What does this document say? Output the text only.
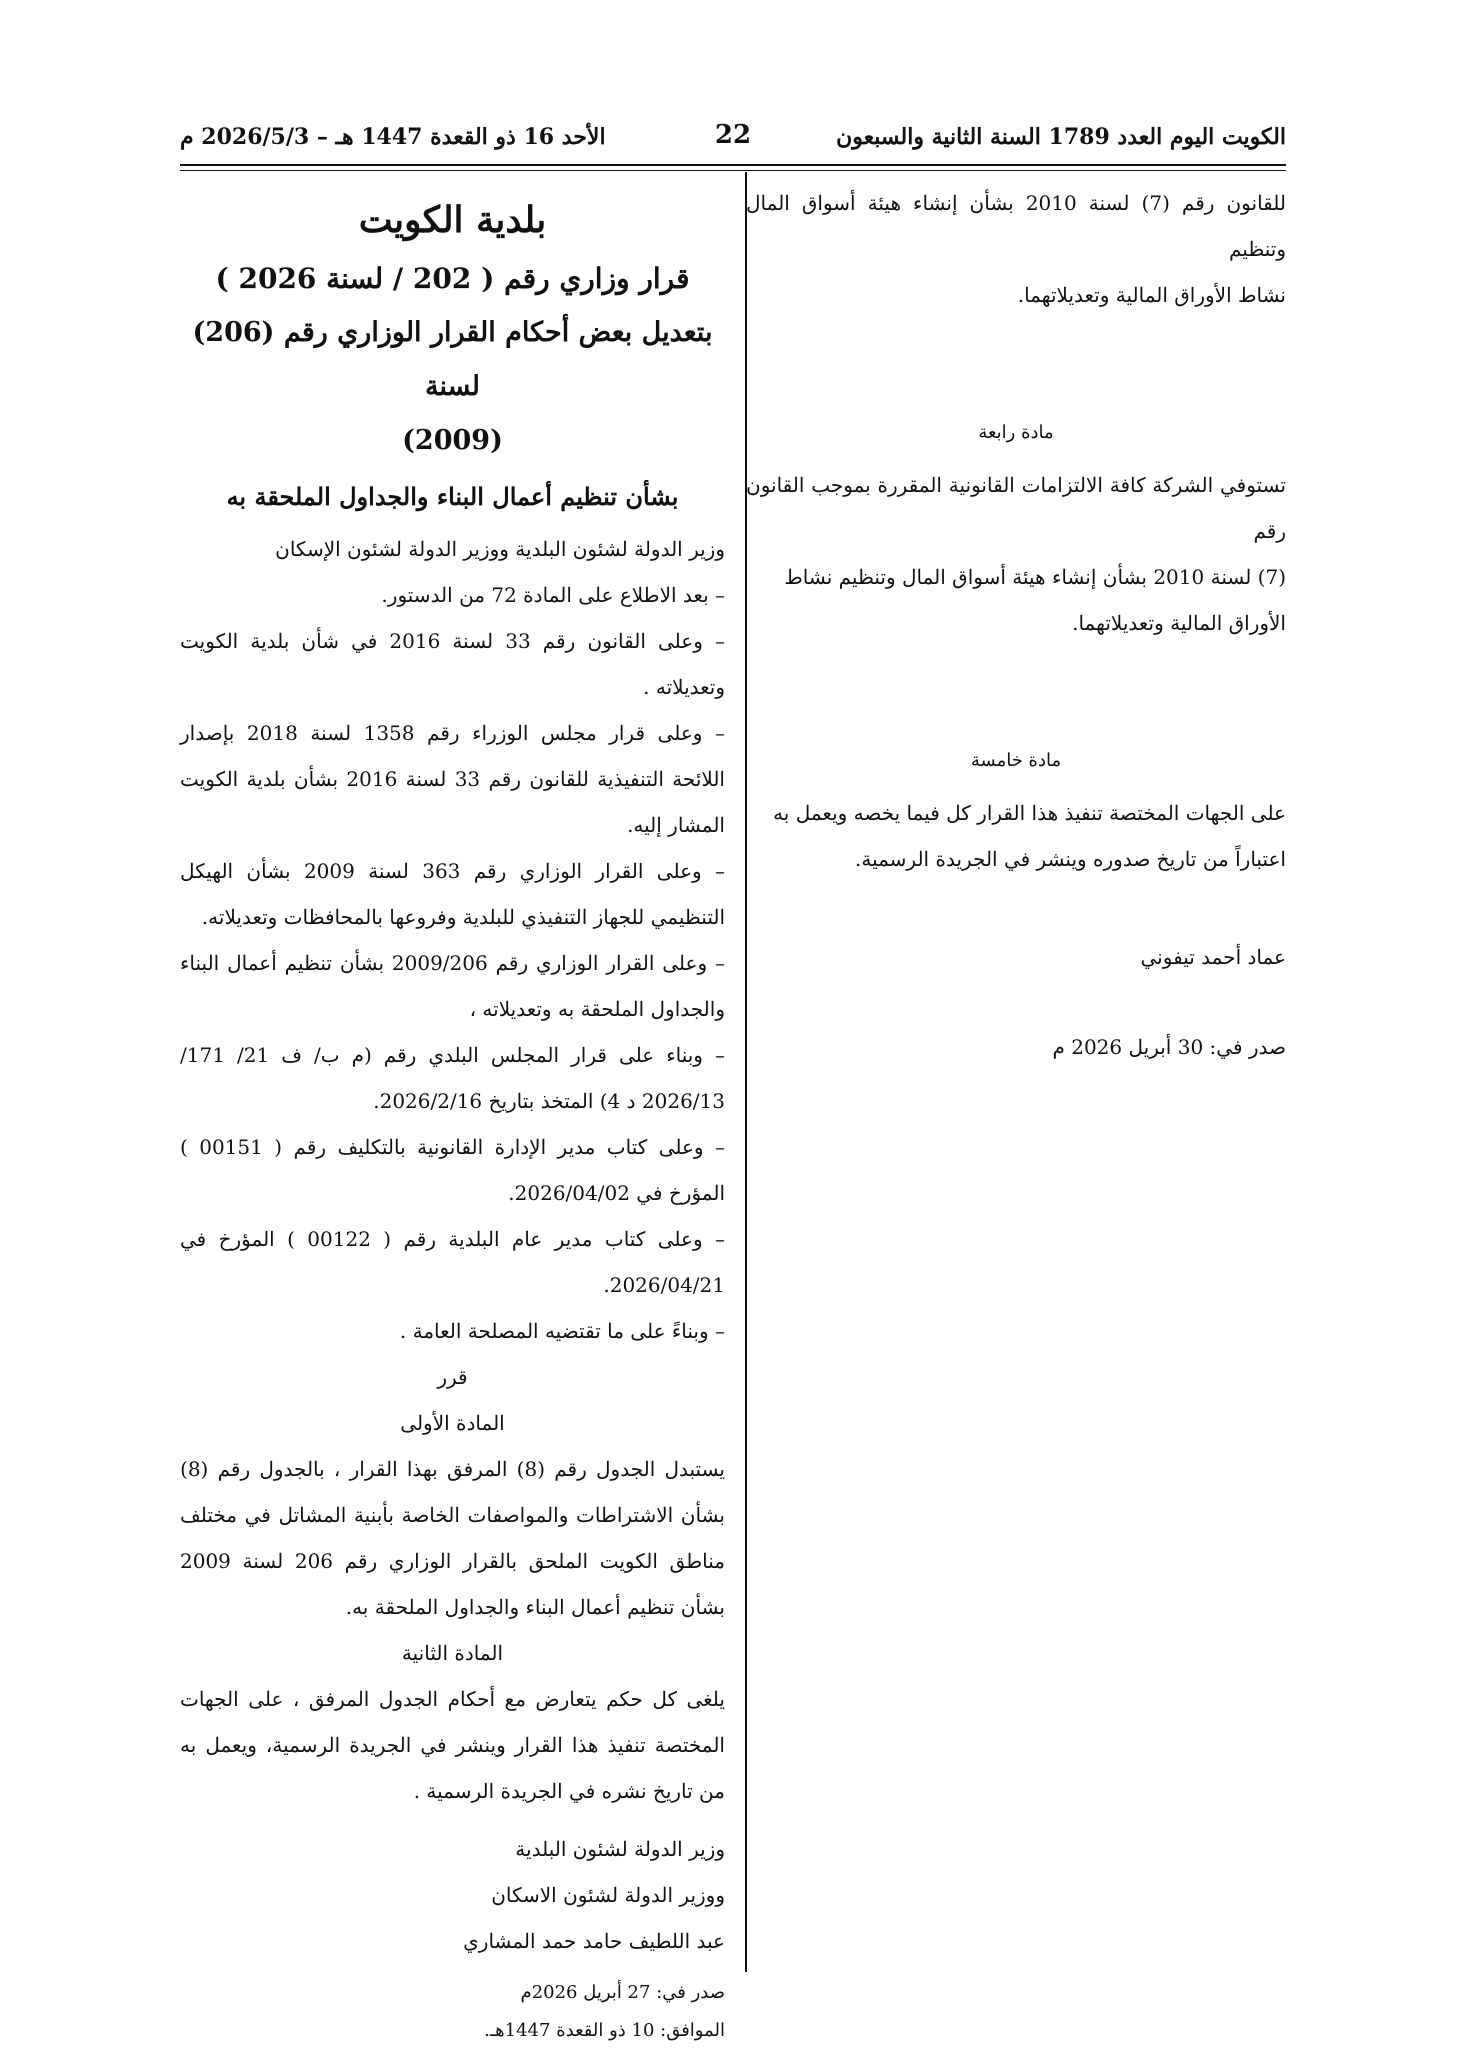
الكويت اليوم العدد 1789 السنة الثانية والسبعون
22
الأحد 16 ذو القعدة 1447 هـ – 2026/5/3 م

للقانون رقم (7) لسنة 2010 بشأن إنشاء هيئة أسواق المال وتنظيم

نشاط الأوراق المالية وتعديلاتهما.

مادة رابعة

تستوفي الشركة كافة الالتزامات القانونية المقررة بموجب القانون رقم

(7) لسنة 2010 بشأن إنشاء هيئة أسواق المال وتنظيم نشاط

الأوراق المالية وتعديلاتهما.

مادة خامسة

على الجهات المختصة تنفيذ هذا القرار كل فيما يخصه ويعمل به

اعتباراً من تاريخ صدوره وينشر في الجريدة الرسمية.

عماد أحمد تيفوني

صدر في: 30 أبريل 2026 م

بلدية الكويت

قرار وزاري رقم ( 202 / لسنة 2026 )

بتعديل بعض أحكام القرار الوزاري رقم (206) لسنة

(2009)

بشأن تنظيم أعمال البناء والجداول الملحقة به

وزير الدولة لشئون البلدية ووزير الدولة لشئون الإسكان

– بعد الاطلاع على المادة 72 من الدستور.

– وعلى القانون رقم 33 لسنة 2016 في شأن بلدية الكويت وتعديلاته .

– وعلى قرار مجلس الوزراء رقم 1358 لسنة 2018 بإصدار اللائحة التنفيذية للقانون رقم 33 لسنة 2016 بشأن بلدية الكويت المشار إليه.

– وعلى القرار الوزاري رقم 363 لسنة 2009 بشأن الهيكل التنظيمي للجهاز التنفيذي للبلدية وفروعها بالمحافظات وتعديلاته.

– وعلى القرار الوزاري رقم 2009/206 بشأن تنظيم أعمال البناء والجداول الملحقة به وتعديلاته ،

– وبناء على قرار المجلس البلدي رقم (م ب/ ف 21/ 171/ 2026/13 د 4) المتخذ بتاريخ 2026/2/16.

– وعلى كتاب مدير الإدارة القانونية بالتكليف رقم ( 00151 ) المؤرخ في 2026/04/02.

– وعلى كتاب مدير عام البلدية رقم ( 00122 ) المؤرخ في 2026/04/21.

– وبناءً على ما تقتضيه المصلحة العامة .

قرر

المادة الأولى

يستبدل الجدول رقم (8) المرفق بهذا القرار ، بالجدول رقم (8) بشأن الاشتراطات والمواصفات الخاصة بأبنية المشاتل في مختلف مناطق الكويت الملحق بالقرار الوزاري رقم 206 لسنة 2009 بشأن تنظيم أعمال البناء والجداول الملحقة به.

المادة الثانية

يلغى كل حكم يتعارض مع أحكام الجدول المرفق ، على الجهات المختصة تنفيذ هذا القرار وينشر في الجريدة الرسمية، ويعمل به من تاريخ نشره في الجريدة الرسمية .

وزير الدولة لشئون البلدية

ووزير الدولة لشئون الاسكان

عبد اللطيف حامد حمد المشاري

صدر في: 27 أبريل 2026م

الموافق: 10 ذو القعدة 1447هـ.
